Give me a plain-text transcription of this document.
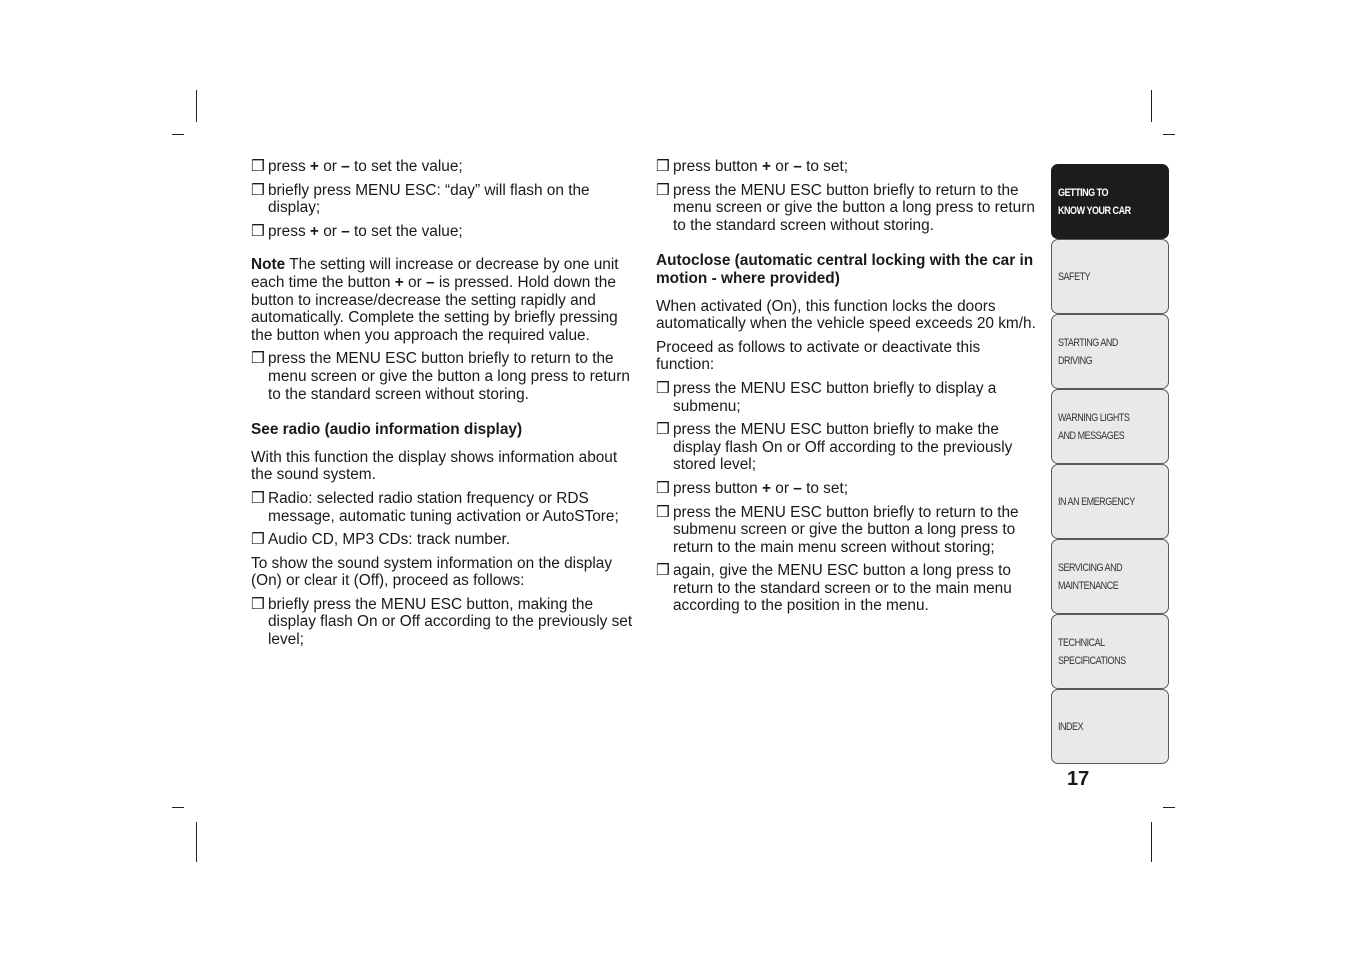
❒ press + or – to set the value;
❒ briefly press MENU ESC: “day” will flash on the display;
❒ press + or – to set the value;

Note The setting will increase or decrease by one unit each time the button + or – is pressed. Hold down the button to increase/decrease the setting rapidly and automatically. Complete the setting by briefly pressing the button when you approach the required value.

❒ press the MENU ESC button briefly to return to the menu screen or give the button a long press to return to the standard screen without storing.
See radio (audio information display)

With this function the display shows information about the sound system.

❒ Radio: selected radio station frequency or RDS message, automatic tuning activation or AutoSTore;
❒ Audio CD, MP3 CDs: track number.

To show the sound system information on the display (On) or clear it (Off), proceed as follows:

❒ briefly press the MENU ESC button, making the display flash On or Off according to the previously set level;
❒ press button + or – to set;
❒ press the MENU ESC button briefly to return to the menu screen or give the button a long press to return to the standard screen without storing.
Autoclose (automatic central locking with the car in motion - where provided)

When activated (On), this function locks the doors automatically when the vehicle speed exceeds 20 km/h.

Proceed as follows to activate or deactivate this function:

❒ press the MENU ESC button briefly to display a submenu;
❒ press the MENU ESC button briefly to make the display flash On or Off according to the previously stored level;
❒ press button + or – to set;
❒ press the MENU ESC button briefly to return to the submenu screen or give the button a long press to return to the main menu screen without storing;
❒ again, give the MENU ESC button a long press to return to the standard screen or to the main menu according to the position in the menu.
GETTING TO
KNOW YOUR CAR
SAFETY
STARTING AND
DRIVING
WARNING LIGHTS
AND MESSAGES
IN AN EMERGENCY
SERVICING AND
MAINTENANCE
TECHNICAL
SPECIFICATIONS
INDEX
17
